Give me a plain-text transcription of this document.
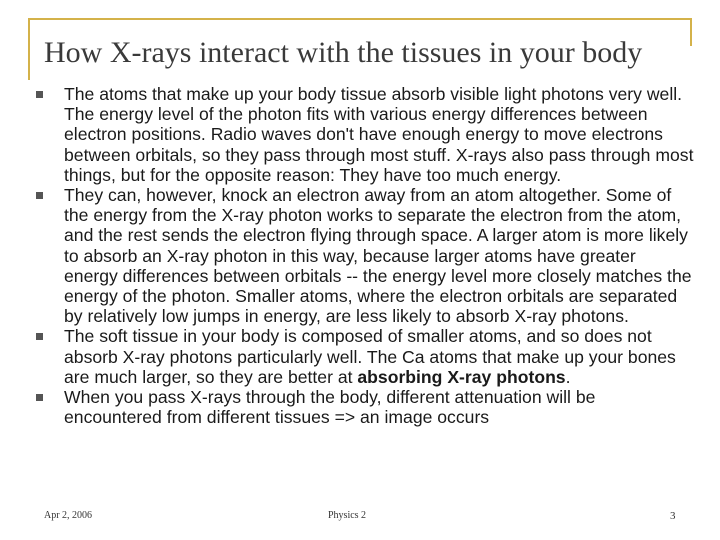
How X-rays interact with the tissues in your body
The atoms that make up your body tissue absorb visible light photons very well. The energy level of the photon fits with various energy differences between electron positions. Radio waves don't have enough energy to move electrons between orbitals, so they pass through most stuff. X-rays also pass through most things, but for the opposite reason: They have too much energy.
They can, however, knock an electron away from an atom altogether. Some of the energy from the X-ray photon works to separate the electron from the atom, and the rest sends the electron flying through space. A larger atom is more likely to absorb an X-ray photon in this way, because larger atoms have greater energy differences between orbitals -- the energy level more closely matches the energy of the photon. Smaller atoms, where the electron orbitals are separated by relatively low jumps in energy, are less likely to absorb X-ray photons.
The soft tissue in your body is composed of smaller atoms, and so does not absorb X-ray photons particularly well. The Ca atoms that make up your bones are much larger, so they are better at absorbing X-ray photons.
When you pass X-rays through the body, different attenuation will be encountered from different tissues => an image occurs
Apr 2, 2006	Physics 2	3
